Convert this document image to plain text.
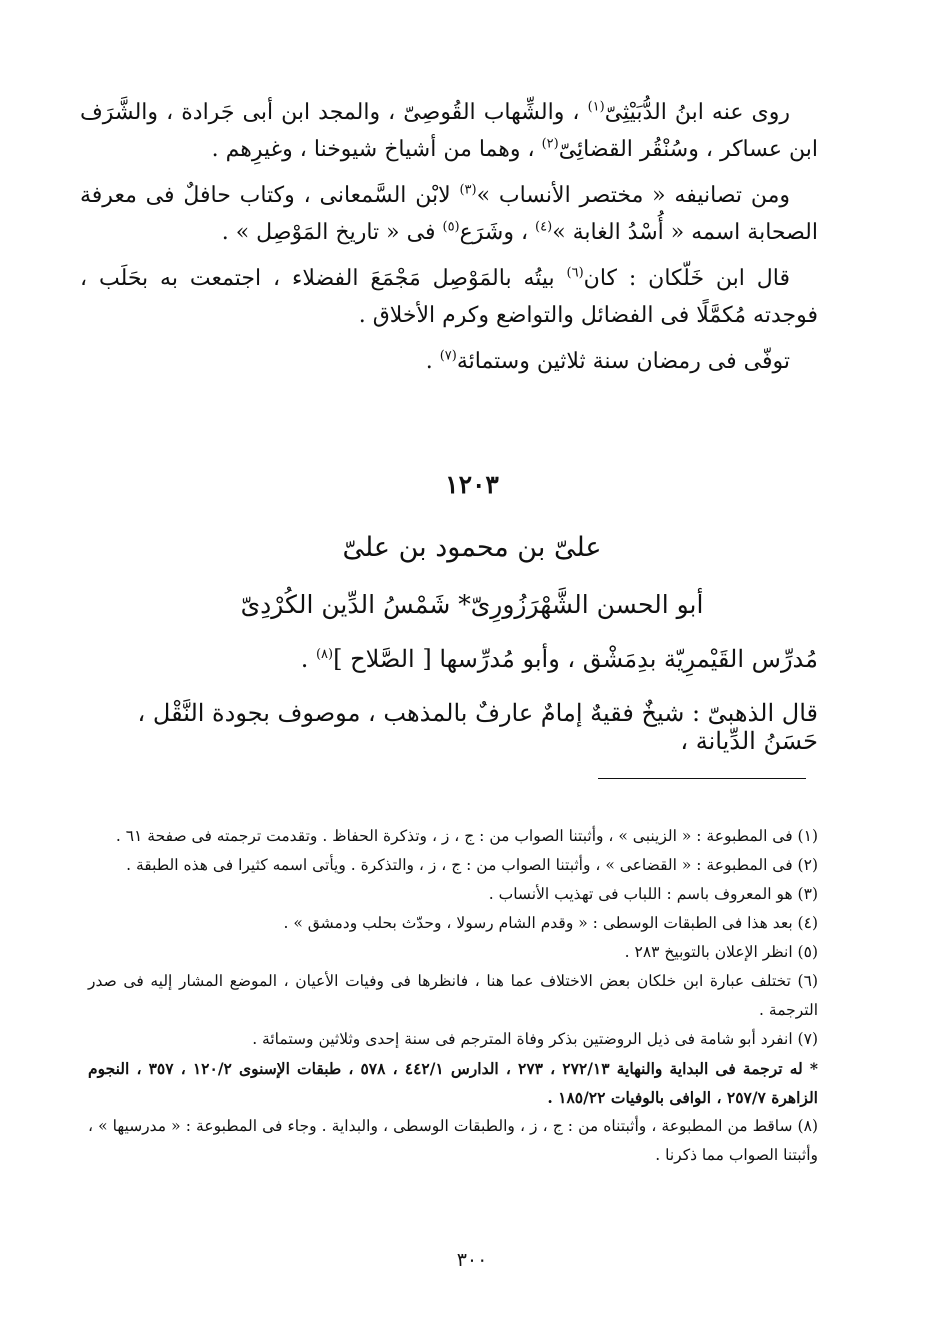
روى عنه ابنُ الدُّبَيْثِىّ$^{(١)}$ ، والشِّهاب القُوصِىّ ، والمجد ابن أبى جَرادة ، والشَّرَف ابن عساكر ، وسُنْقُر القضائِىّ$^{(٢)}$ ، وهما من أشياخ شيوخنا ، وغيرِهم .

ومن تصانيفه « مختصر الأنساب »$^{(٣)}$ لابْن السَّمعانى ، وكتاب حافلٌ فى معرفة الصحابة اسمه « أُسْدُ الغابة »$^{(٤)}$ ، وشَرَع$^{(٥)}$ فى « تاريخ المَوْصِل » .

قال ابن خَلّكان : كان$^{(٦)}$ بيتُه بالمَوْصِل مَجْمَعَ الفضلاء ، اجتمعت به بحَلَب ، فوجدته مُكمَّلًا فى الفضائل والتواضع وكرم الأخلاق .

توفّى فى رمضان سنة ثلاثين وستمائة$^{(٧)}$ .

١٢٠٣
علىّ بن محمود بن علىّ
أبو الحسن الشَّهْرَزُورِىّ* شَمْسُ الدِّين الكُرْدِىّ
مُدرِّس القَيْمرِيّة بدِمَشْق ، وأبو مُدرِّسها [ الصَّلاح ]$^{(٨)}$ .
قال الذهبىّ : شيخٌ فقيهٌ إمامٌ عارفٌ بالمذهب ، موصوف بجودة النَّقْل ، حَسَنُ الدِّيانة ،

(١) فى المطبوعة : « الزينبى » ، وأثبتنا الصواب من : ج ، ز ، وتذكرة الحفاظ . وتقدمت ترجمته فى صفحة ٦١ .

(٢) فى المطبوعة : « القضاعى » ، وأثبتنا الصواب من : ج ، ز ، والتذكرة . ويأتى اسمه كثيرا فى هذه الطبقة .

(٣) هو المعروف باسم : اللباب فى تهذيب الأنساب .

(٤) بعد هذا فى الطبقات الوسطى : « وقدم الشام رسولا ، وحدّث بحلب ودمشق » .

(٥) انظر الإعلان بالتوبيخ ٢٨٣ .

(٦) تختلف عبارة ابن خلكان بعض الاختلاف عما هنا ، فانظرها فى وفيات الأعيان ، الموضع المشار إليه فى صدر الترجمة .

(٧) انفرد أبو شامة فى ذيل الروضتين بذكر وفاة المترجم فى سنة إحدى وثلاثين وستمائة .

* له ترجمة فى البداية والنهاية ٢٧٢/١٣ ، ٢٧٣ ، الدارس ٤٤٢/١ ، ٥٧٨ ، طبقات الإسنوى ١٢٠/٢ ، ٣٥٧ ، النجوم الزاهرة ٢٥٧/٧ ، الوافى بالوفيات ١٨٥/٢٢ .

(٨) ساقط من المطبوعة ، وأثبتناه من : ج ، ز ، والطبقات الوسطى ، والبداية . وجاء فى المطبوعة : « مدرسيها » ، وأثبتنا الصواب مما ذكرنا .

٣٠٠
